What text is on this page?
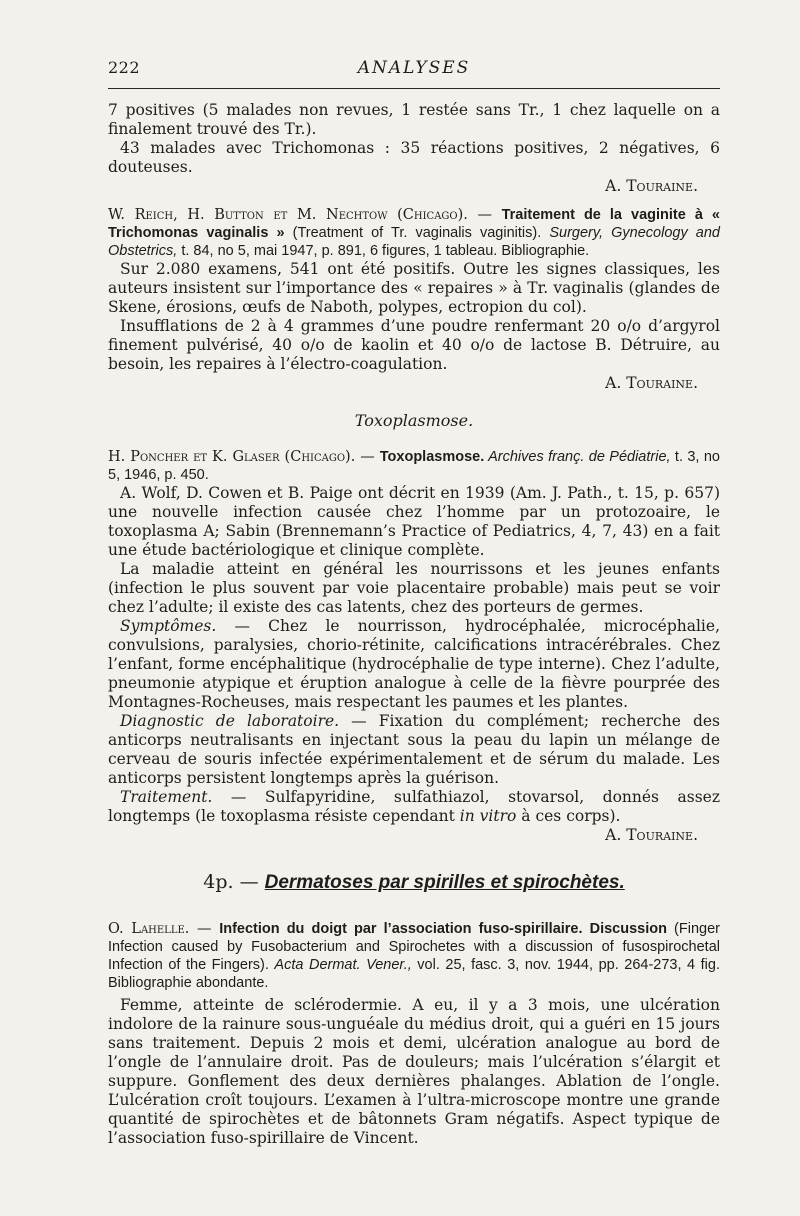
222	ANALYSES

7 positives (5 malades non revues, 1 restée sans Tr., 1 chez laquelle on a finalement trouvé des Tr.).

43 malades avec Trichomonas : 35 réactions positives, 2 négatives, 6 douteuses.

A. Touraine.

W. Reich, H. Button et M. Nechtow (Chicago). — Traitement de la vaginite à « Trichomonas vaginalis » (Treatment of Tr. vaginalis vaginitis). Surgery, Gynecology and Obstetrics, t. 84, no 5, mai 1947, p. 891, 6 figures, 1 tableau. Bibliographie.

Sur 2.080 examens, 541 ont été positifs. Outre les signes classiques, les auteurs insistent sur l’importance des « repaires » à Tr. vaginalis (glandes de Skene, érosions, œufs de Naboth, polypes, ectropion du col).

Insufflations de 2 à 4 grammes d’une poudre renfermant 20 o/o d’argyrol finement pulvérisé, 40 o/o de kaolin et 40 o/o de lactose B. Détruire, au besoin, les repaires à l’électro-coagulation.

A. Touraine.

Toxoplasmose.

H. Poncher et K. Glaser (Chicago). — Toxoplasmose. Archives franç. de Pédiatrie, t. 3, no 5, 1946, p. 450.

A. Wolf, D. Cowen et B. Paige ont décrit en 1939 (Am. J. Path., t. 15, p. 657) une nouvelle infection causée chez l’homme par un protozoaire, le toxoplasma A; Sabin (Brennemann’s Practice of Pediatrics, 4, 7, 43) en a fait une étude bactériologique et clinique complète.

La maladie atteint en général les nourrissons et les jeunes enfants (infection le plus souvent par voie placentaire probable) mais peut se voir chez l’adulte; il existe des cas latents, chez des porteurs de germes.

Symptômes. — Chez le nourrisson, hydrocéphalée, microcéphalie, convulsions, paralysies, chorio-rétinite, calcifications intracérébrales. Chez l’enfant, forme encéphalitique (hydrocéphalie de type interne). Chez l’adulte, pneumonie atypique et éruption analogue à celle de la fièvre pourprée des Montagnes-Rocheuses, mais respectant les paumes et les plantes.

Diagnostic de laboratoire. — Fixation du complément; recherche des anticorps neutralisants en injectant sous la peau du lapin un mélange de cerveau de souris infectée expérimentalement et de sérum du malade. Les anticorps persistent longtemps après la guérison.

Traitement. — Sulfapyridine, sulfathiazol, stovarsol, donnés assez longtemps (le toxoplasma résiste cependant in vitro à ces corps).

A. Touraine.

4p. — Dermatoses par spirilles et spirochètes.

O. Lahelle. — Infection du doigt par l’association fuso-spirillaire. Discussion (Finger Infection caused by Fusobacterium and Spirochetes with a discussion of fusospirochetal Infection of the Fingers). Acta Dermat. Vener., vol. 25, fasc. 3, nov. 1944, pp. 264-273, 4 fig. Bibliographie abondante.

Femme, atteinte de sclérodermie. A eu, il y a 3 mois, une ulcération indolore de la rainure sous-unguéale du médius droit, qui a guéri en 15 jours sans traitement. Depuis 2 mois et demi, ulcération analogue au bord de l’ongle de l’annulaire droit. Pas de douleurs; mais l’ulcération s’élargit et suppure. Gonflement des deux dernières phalanges. Ablation de l’ongle. L’ulcération croît toujours. L’examen à l’ultra-microscope montre une grande quantité de spirochètes et de bâtonnets Gram négatifs. Aspect typique de l’association fuso-spirillaire de Vincent.
